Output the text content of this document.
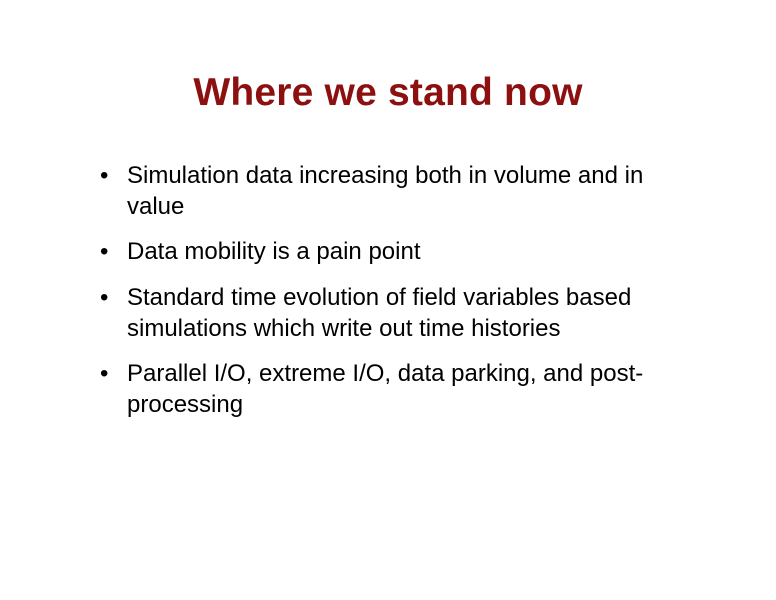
Where we stand now
• Simulation data increasing both in volume and in value
• Data mobility is a pain point
• Standard time evolution of field variables based simulations which write out time histories
• Parallel I/O, extreme I/O, data parking, and post-processing
